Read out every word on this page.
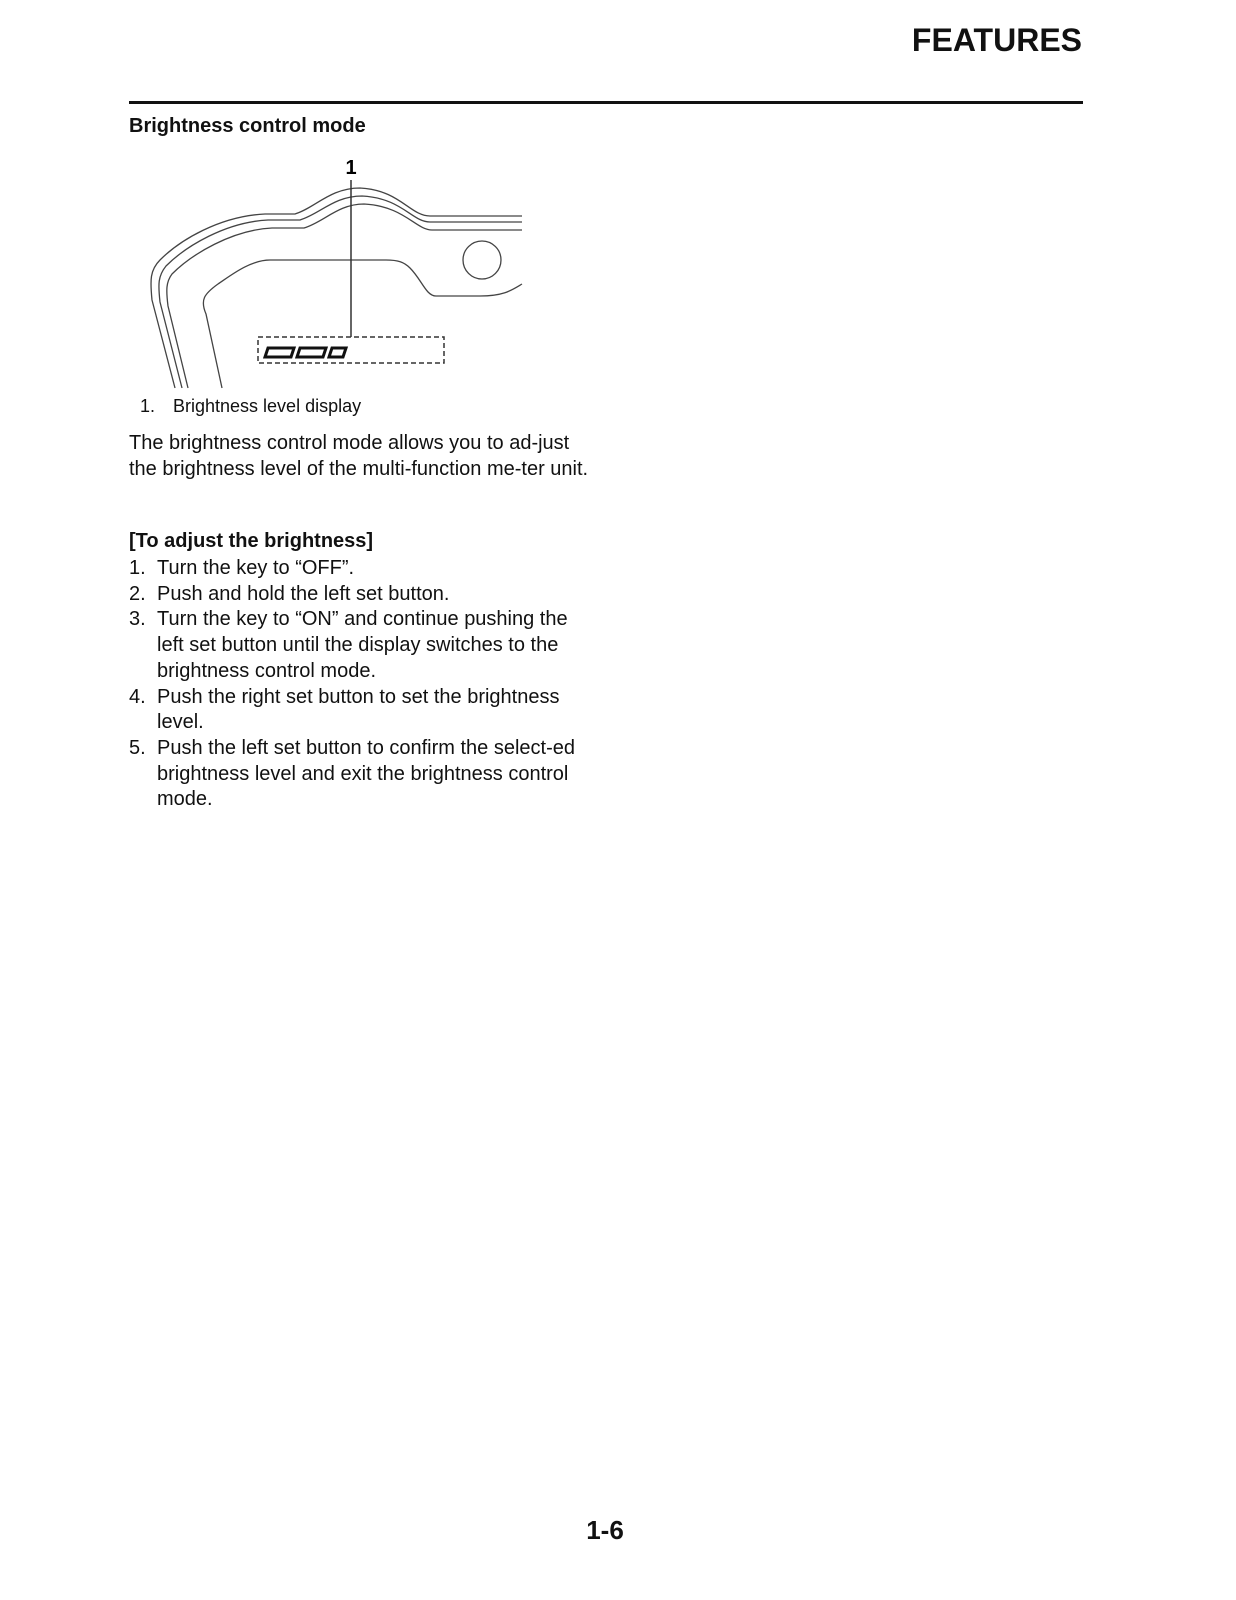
FEATURES
Brightness control mode
1
1. Brightness level display
The brightness control mode allows you to ad-just the brightness level of the multi-function me-ter unit.
[To adjust the brightness]
1. Turn the key to “OFF”.
2. Push and hold the left set button.
3. Turn the key to “ON” and continue pushing the left set button until the display switches to the brightness control mode.
4. Push the right set button to set the brightness level.
5. Push the left set button to confirm the select-ed brightness level and exit the brightness control mode.
1-6
